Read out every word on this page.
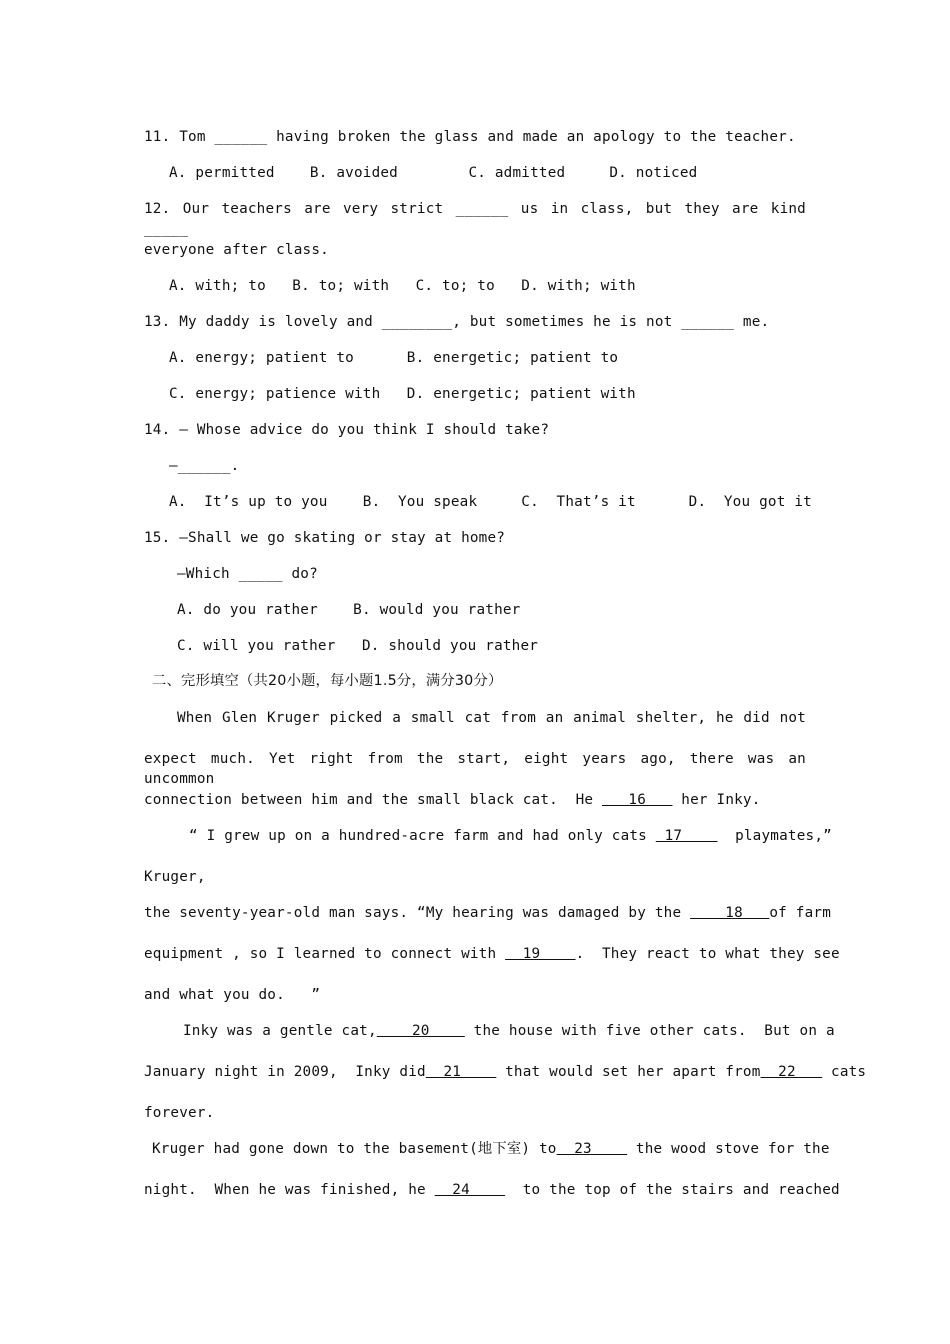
11. Tom ______ having broken the glass and made an apology to the teacher.
A. permitted    B. avoided        C. admitted     D. noticed
12. Our teachers are very strict ______ us in class, but they are kind _____
everyone after class.
A. with; to   B. to; with   C. to; to   D. with; with
13. My daddy is lovely and ________, but sometimes he is not ______ me.
A. energy; patient to      B. energetic; patient to
C. energy; patience with   D. energetic; patient with
14. — Whose advice do you think I should take?
—______.
A.  It’s up to you    B.  You speak     C.  That’s it      D.  You got it
15. —Shall we go skating or stay at home?
—Which _____ do?
A. do you rather    B. would you rather
C. will you rather   D. should you rather
二、完形填空（共20小题，每小题1.5分，满分30分）
When Glen Kruger picked a small cat from an animal shelter, he did not
expect much. Yet right from the start, eight years ago, there was an uncommon
connection between him and the small black cat.  He    16    her Inky.
“ I grew up on a hundred-acre farm and had only cats  17      playmates,”
Kruger,
the seventy-year-old man says. “My hearing was damaged by the     18   of farm
equipment , so I learned to connect with   19    .  They react to what they see
and what you do.   ”
Inky was a gentle cat,    20     the house with five other cats.  But on a
January night in 2009,  Inky did  21     that would set her apart from  22    cats
forever.
Kruger had gone down to the basement(地下室) to  23     the wood stove for the
night.  When he was finished, he   24      to the top of the stairs and reached
